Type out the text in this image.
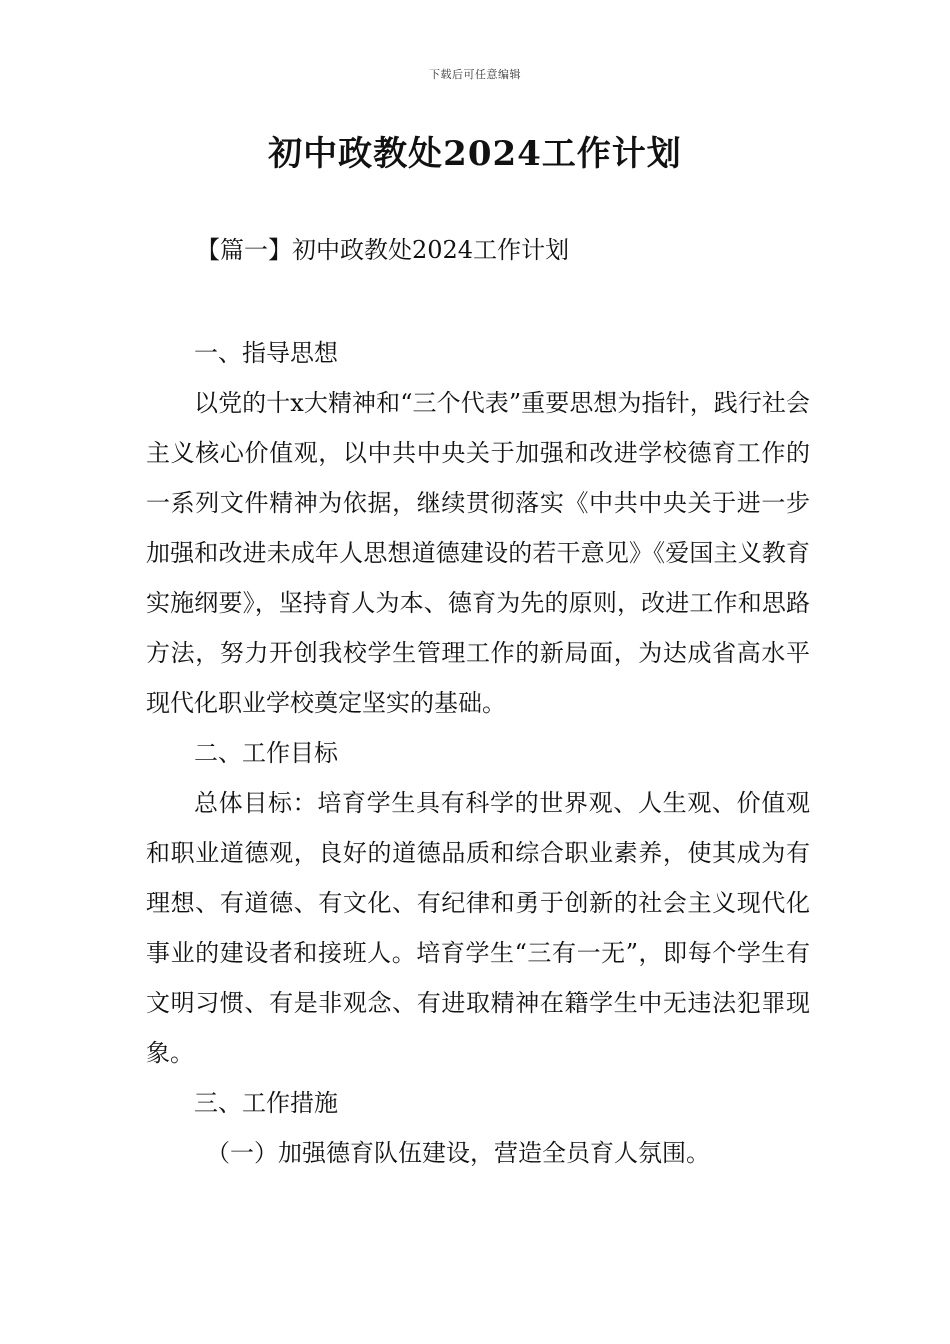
下载后可任意编辑
初中政教处2024工作计划
【篇一】初中政教处2024工作计划

一、指导思想

以党的十x大精神和“三个代表”重要思想为指针，践行社会主义核心价值观，以中共中央关于加强和改进学校德育工作的一系列文件精神为依据，继续贯彻落实《中共中央关于进一步加强和改进未成年人思想道德建设的若干意见》《爱国主义教育实施纲要》，坚持育人为本、德育为先的原则，改进工作和思路方法，努力开创我校学生管理工作的新局面，为达成省高水平现代化职业学校奠定坚实的基础。

二、工作目标

总体目标：培育学生具有科学的世界观、人生观、价值观和职业道德观，良好的道德品质和综合职业素养，使其成为有理想、有道德、有文化、有纪律和勇于创新的社会主义现代化事业的建设者和接班人。培育学生“三有一无”，即每个学生有文明习惯、有是非观念、有进取精神在籍学生中无违法犯罪现象。

三、工作措施

（一）加强德育队伍建设，营造全员育人氛围。
